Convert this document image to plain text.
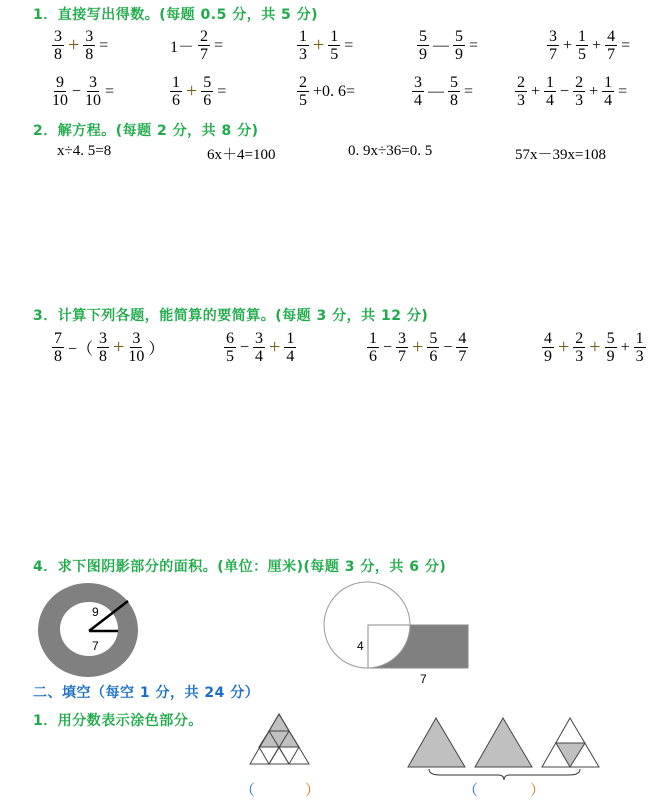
1．直接写出得数。(每题 0.5 分，共 5 分)
$\frac{3}{8} + \frac{3}{8}$ =	$1- \frac{2}{7}$ =	$\frac{1}{3} + \frac{1}{5}$ =	$\frac{5}{9}$ — $\frac{5}{9}$ =	$\frac{3}{7} + \frac{1}{5} + \frac{4}{7}$ =
$\frac{9}{10} - \frac{3}{10}$ =	$\frac{1}{6} + \frac{5}{6}$ =	$\frac{2}{5} +0$. 6=	$\frac{3}{4}$ — $\frac{5}{8}$ =	$\frac{2}{3} + \frac{1}{4} - \frac{2}{3} + \frac{1}{4}$ =
2．解方程。(每题 2 分，共 8 分)
x÷4. 5=8	6x＋4=100	0. 9x÷36=0. 5	57x－39x=108
3．计算下列各题，能简算的要简算。(每题 3 分，共 12 分)
$\frac{7}{8}$ −（ $\frac{3}{8} + \frac{3}{10}$ ）	$\frac{6}{5} - \frac{3}{4} + \frac{1}{4}$	$\frac{1}{6} - \frac{3}{7} + \frac{5}{6} - \frac{4}{7}$	$\frac{4}{9} + \frac{2}{3} + \frac{5}{9} + \frac{1}{3}$
4．求下图阴影部分的面积。(单位：厘米)(每题 3 分，共 6 分)
9
7	4
7
二、填空（每空 1 分，共 24 分）
1．用分数表示涂色部分。
（	）	（	）
